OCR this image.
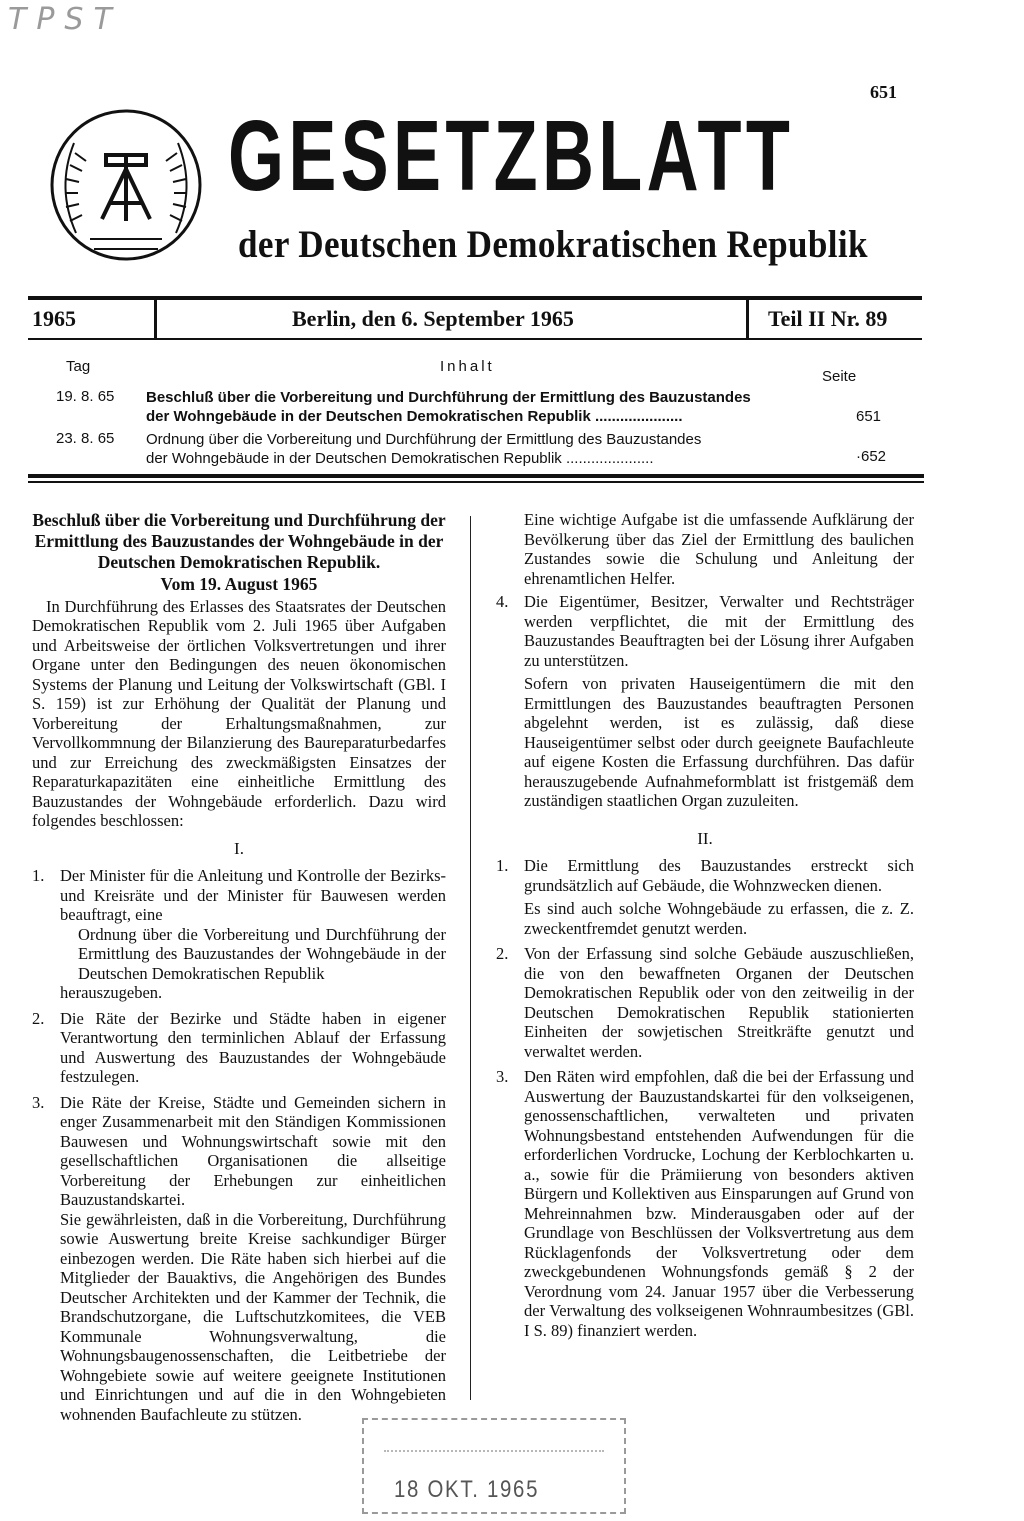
TPST
651
GESETZBLATT
der Deutschen Demokratischen Republik
1965	Berlin, den 6. September 1965	Teil II Nr. 89
Tag	Inhalt
Seite
19. 8. 65 Beschluß über die Vorbereitung und Durchführung der Ermittlung des Bauzustandes
der Wohngebäude in der Deutschen Demokratischen Republik .....................	651
23. 8. 65 Ordnung über die Vorbereitung und Durchführung der Ermittlung des Bauzustandes
der Wohngebäude in der Deutschen Demokratischen Republik .....................	·652
Beschluß über die Vorbereitung und Durchführung der Ermittlung des Bauzustandes der Wohngebäude in der Deutschen Demokratischen Republik.
Vom 19. August 1965

In Durchführung des Erlasses des Staatsrates der Deutschen Demokratischen Republik vom 2. Juli 1965 über Aufgaben und Arbeitsweise der örtlichen Volksvertretungen und ihrer Organe unter den Bedingungen des neuen ökonomischen Systems der Planung und Leitung der Volkswirtschaft (GBl. I S. 159) ist zur Erhöhung der Qualität der Planung und Vorbereitung der Erhaltungsmaßnahmen, zur Vervollkommnung der Bilanzierung des Baureparaturbedarfes und zur Erreichung des zweckmäßigsten Einsatzes der Reparaturkapazitäten eine einheitliche Ermittlung des Bauzustandes der Wohngebäude erforderlich. Dazu wird folgendes beschlossen:

I.
1. Der Minister für die Anleitung und Kontrolle der Bezirks- und Kreisräte und der Minister für Bauwesen werden beauftragt, eine
Ordnung über die Vorbereitung und Durchführung der Ermittlung des Bauzustandes der Wohngebäude in der Deutschen Demokratischen Republik
herauszugeben.
2. Die Räte der Bezirke und Städte haben in eigener Verantwortung den terminlichen Ablauf der Erfassung und Auswertung des Bauzustandes der Wohngebäude festzulegen.
3. Die Räte der Kreise, Städte und Gemeinden sichern in enger Zusammenarbeit mit den Ständigen Kommissionen Bauwesen und Wohnungswirtschaft sowie mit den gesellschaftlichen Organisationen die allseitige Vorbereitung der Erhebungen zur einheitlichen Bauzustandskartei.
Sie gewährleisten, daß in die Vorbereitung, Durchführung sowie Auswertung breite Kreise sachkundiger Bürger einbezogen werden. Die Räte haben sich hierbei auf die Mitglieder der Bauaktivs, die Angehörigen des Bundes Deutscher Architekten und der Kammer der Technik, die Brandschutzorgane, die Luftschutzkomitees, die VEB Kommunale Wohnungsverwaltung, die Wohnungsbaugenossenschaften, die Leitbetriebe der Wohngebiete sowie auf weitere geeignete Institutionen und Einrichtungen und auf die in den Wohngebieten wohnenden Baufachleute zu stützen.
Eine wichtige Aufgabe ist die umfassende Aufklärung der Bevölkerung über das Ziel der Ermittlung des baulichen Zustandes sowie die Schulung und Anleitung der ehrenamtlichen Helfer.
4. Die Eigentümer, Besitzer, Verwalter und Rechtsträger werden verpflichtet, die mit der Ermittlung des Bauzustandes Beauftragten bei der Lösung ihrer Aufgaben zu unterstützen.
Sofern von privaten Hauseigentümern die mit den Ermittlungen des Bauzustandes beauftragten Personen abgelehnt werden, ist es zulässig, daß diese Hauseigentümer selbst oder durch geeignete Baufachleute auf eigene Kosten die Erfassung durchführen. Das dafür herauszugebende Aufnahmeformblatt ist fristgemäß dem zuständigen staatlichen Organ zuzuleiten.
II.
1. Die Ermittlung des Bauzustandes erstreckt sich grundsätzlich auf Gebäude, die Wohnzwecken dienen.
Es sind auch solche Wohngebäude zu erfassen, die z. Z. zweckentfremdet genutzt werden.
2. Von der Erfassung sind solche Gebäude auszuschließen, die von den bewaffneten Organen der Deutschen Demokratischen Republik oder von den zeitweilig in der Deutschen Demokratischen Republik stationierten Einheiten der sowjetischen Streitkräfte genutzt und verwaltet werden.
3. Den Räten wird empfohlen, daß die bei der Erfassung und Auswertung der Bauzustandskartei für den volkseigenen, genossenschaftlichen, verwalteten und privaten Wohnungsbestand entstehenden Aufwendungen für die erforderlichen Vordrucke, Lochung der Kerblochkarten u. a., sowie für die Prämiierung von besonders aktiven Bürgern und Kollektiven aus Einsparungen auf Grund von Mehreinnahmen bzw. Minderausgaben oder auf der Grundlage von Beschlüssen der Volksvertretung aus dem Rücklagenfonds der Volksvertretung oder dem zweckgebundenen Wohnungsfonds gemäß § 2 der Verordnung vom 24. Januar 1957 über die Verbesserung der Verwaltung des volkseigenen Wohnraumbesitzes (GBl. I S. 89) finanziert werden.
18 OKT. 1965
